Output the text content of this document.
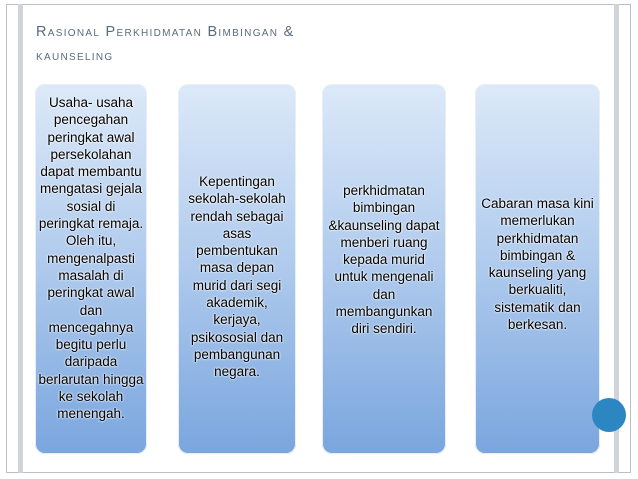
Rasional Perkhidmatan Bimbingan &
kaunseling
Usaha- usaha pencegahan peringkat awal persekolahan dapat membantu mengatasi gejala sosial di peringkat remaja. Oleh itu, mengenalpasti masalah di peringkat awal dan mencegahnya begitu perlu daripada berlarutan hingga ke sekolah menengah.
Kepentingan sekolah-sekolah rendah sebagai asas pembentukan masa depan murid dari segi akademik, kerjaya, psikososial dan pembangunan negara.
perkhidmatan bimbingan &kaunseling dapat menberi ruang kepada murid untuk mengenali dan membangunkan diri sendiri.
Cabaran masa kini memerlukan perkhidmatan bimbingan & kaunseling yang berkualiti, sistematik dan berkesan.
